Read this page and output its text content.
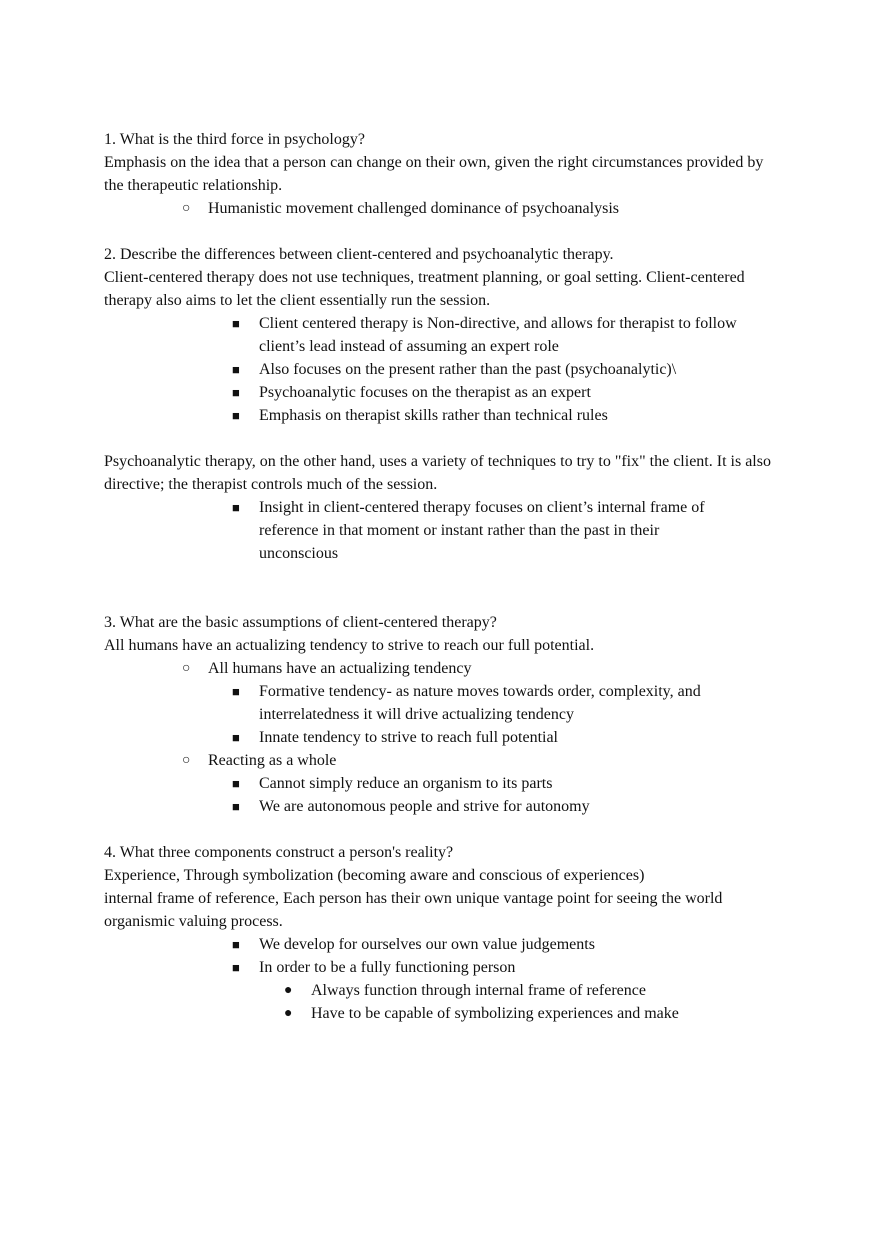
1. What is the third force in psychology?

Emphasis on the idea that a person can change on their own, given the right circumstances provided by the therapeutic relationship.

○ Humanistic movement challenged dominance of psychoanalysis

2. Describe the differences between client-centered and psychoanalytic therapy.

Client-centered therapy does not use techniques, treatment planning, or goal setting. Client-centered therapy also aims to let the client essentially run the session.

■ Client centered therapy is Non-directive, and allows for therapist to follow client’s lead instead of assuming an expert role
■ Also focuses on the present rather than the past (psychoanalytic)\
■ Psychoanalytic focuses on the therapist as an expert
■ Emphasis on therapist skills rather than technical rules

Psychoanalytic therapy, on the other hand, uses a variety of techniques to try to "fix" the client. It is also directive; the therapist controls much of the session.

■ Insight in client-centered therapy focuses on client’s internal frame of reference in that moment or instant rather than the past in their unconscious

3. What are the basic assumptions of client-centered therapy?

All humans have an actualizing tendency to strive to reach our full potential.

○ All humans have an actualizing tendency
■ Formative tendency- as nature moves towards order, complexity, and interrelatedness it will drive actualizing tendency
■ Innate tendency to strive to reach full potential
○ Reacting as a whole
■ Cannot simply reduce an organism to its parts
■ We are autonomous people and strive for autonomy

4. What three components construct a person's reality?

Experience, Through symbolization (becoming aware and conscious of experiences)

internal frame of reference, Each person has their own unique vantage point for seeing the world

organismic valuing process.

■ We develop for ourselves our own value judgements
■ In order to be a fully functioning person
● Always function through internal frame of reference
● Have to be capable of symbolizing experiences and make
